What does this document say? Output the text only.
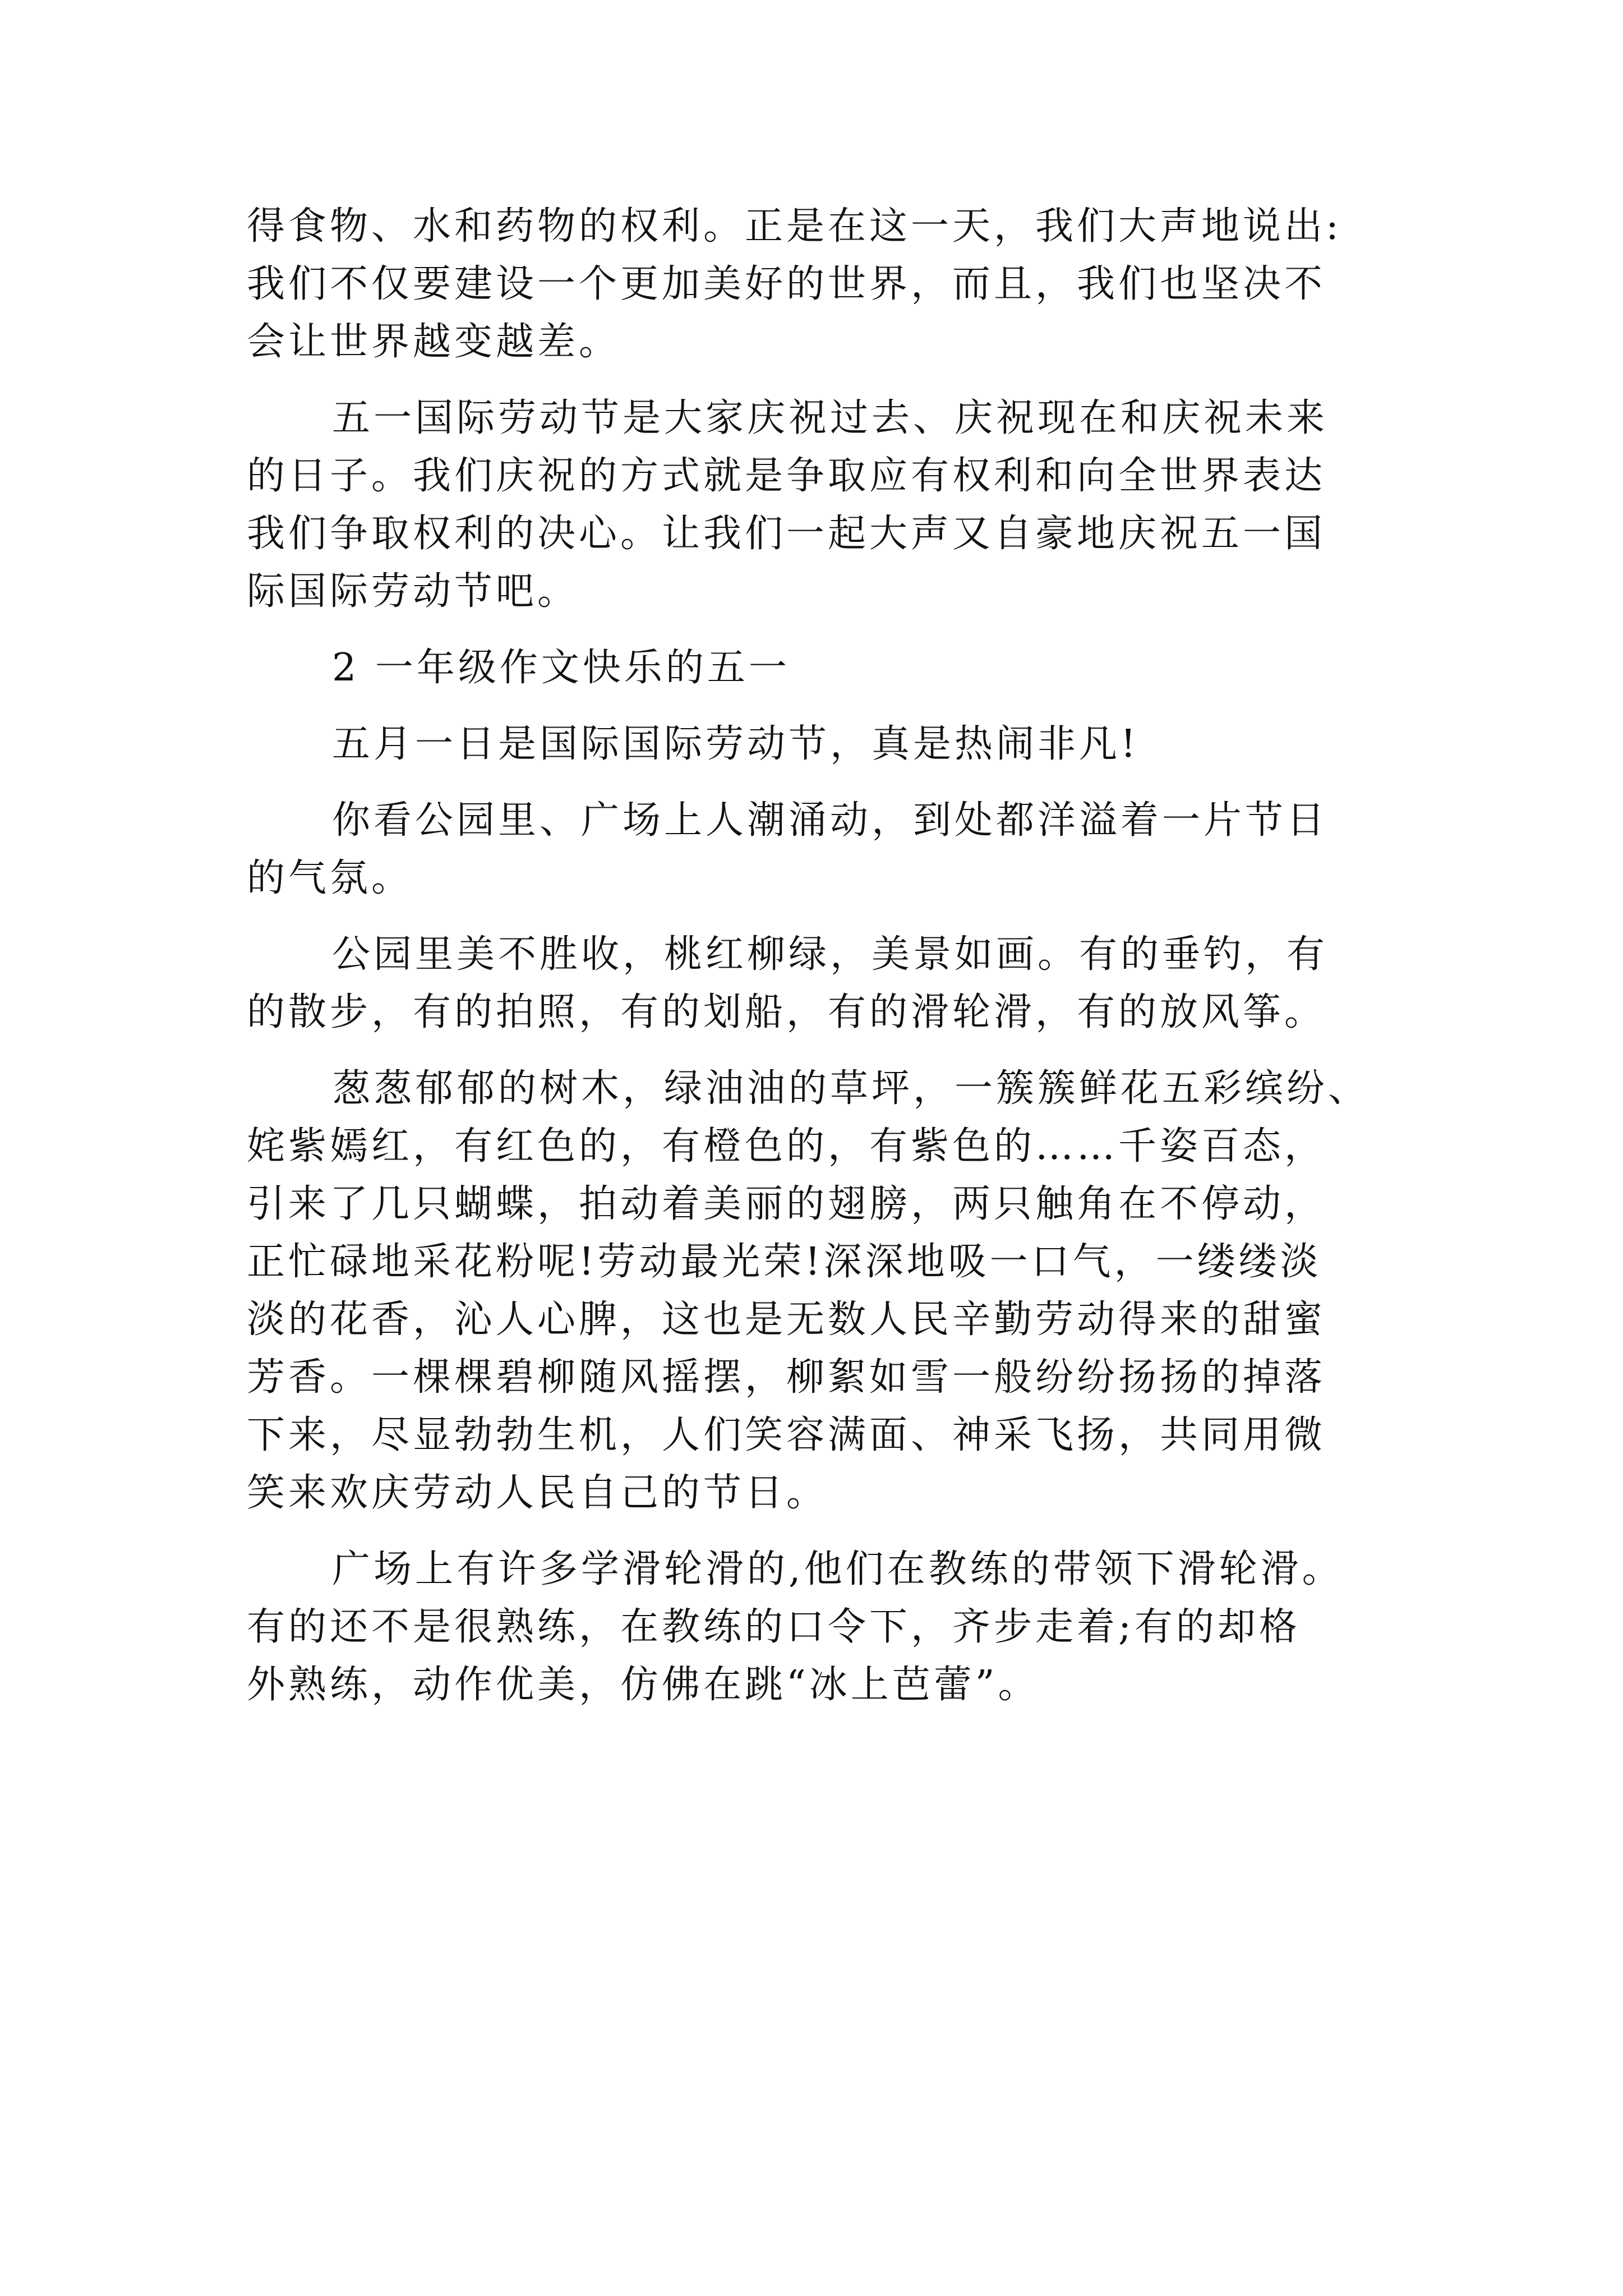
得食物、水和药物的权利。正是在这一天，我们大声地说出:
我们不仅要建设一个更加美好的世界，而且，我们也坚决不
会让世界越变越差。
五一国际劳动节是大家庆祝过去、庆祝现在和庆祝未来
的日子。我们庆祝的方式就是争取应有权利和向全世界表达
我们争取权利的决心。让我们一起大声又自豪地庆祝五一国
际国际劳动节吧。
2 一年级作文快乐的五一
五月一日是国际国际劳动节，真是热闹非凡!
你看公园里、广场上人潮涌动，到处都洋溢着一片节日
的气氛。
公园里美不胜收，桃红柳绿，美景如画。有的垂钓，有
的散步，有的拍照，有的划船，有的滑轮滑，有的放风筝。
葱葱郁郁的树木，绿油油的草坪，一簇簇鲜花五彩缤纷、
姹紫嫣红，有红色的，有橙色的，有紫色的……千姿百态，
引来了几只蝴蝶，拍动着美丽的翅膀，两只触角在不停动，
正忙碌地采花粉呢!劳动最光荣!深深地吸一口气，一缕缕淡
淡的花香，沁人心脾，这也是无数人民辛勤劳动得来的甜蜜
芳香。一棵棵碧柳随风摇摆，柳絮如雪一般纷纷扬扬的掉落
下来，尽显勃勃生机，人们笑容满面、神采飞扬，共同用微
笑来欢庆劳动人民自己的节日。
广场上有许多学滑轮滑的,他们在教练的带领下滑轮滑。
有的还不是很熟练，在教练的口令下，齐步走着;有的却格
外熟练，动作优美，仿佛在跳“冰上芭蕾”。
